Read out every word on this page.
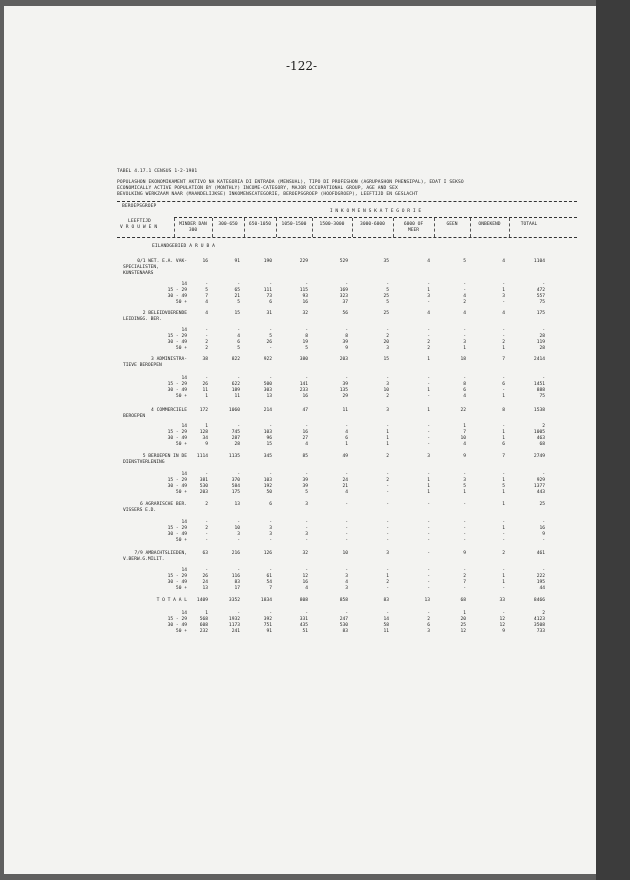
-122-
TABEL 4.17.1 CENSUS 1-2-1981
POPULASHON EKONOMIKAMENT AKTIVO NA KATEGORIA DI ENTRADA (MENSUAL), TIPO DI PROFESHON (AGRUPASHON PHENSIPAL), EDAT I SEKSO
ECONOMICALLY ACTIVE POPULATION BY (MONTHLY) INCOME-CATEGORY, MAJOR OCCUPATIONAL GROUP, AGE AND SEX
BEVOLKING WERKZAAM NAAR (MAANDELIJKSE) INKOMENSCATEGORIE, BEROEPSGROEP (HOOFDGROEP), LEEFTIJD EN GESLACHT
BEROEPSGROEP
LEEFTIJD
V R O U W E N
I N K O M E N S K A T E G O R I E
MINDER DAN
300
300-650	650-1050	1050-1500	1500-3000	3000-6000	6000 OF
MEER
GEEN	ONBEKEND	TOTAAL
EILANDGEBIED A R U B A
0/1 WET. E.A. VAK-	16	91	190	229	529	35	4	5	4	1104
SPECIALISTEN,
KUNSTENAARS
14	-	-	-	-	-	-	-	-	-	-
15 - 29	5	65	111	115	169	5	1	-	1	472
30 - 49	7	21	73	93	323	25	3	4	3	557
50 +	4	5	6	16	37	5	-	2	-	75
2 BELEIDVOERENDE	4	15	31	32	56	25	4	4	4	175
LEIDINGG. BER.
14	-	-	-	-	-	-	-	-	-	-
15 - 29	-	4	5	8	8	2	-	-	-	28
30 - 49	2	6	26	19	39	20	2	3	2	119
50 +	2	5	-	5	9	3	2	1	1	28
3 ADMINISTRA-	38	822	922	380	203	15	1	18	7	2414
TIEVE BEROEPEN
14	-	-	-	-	-	-	-	-	-	-
15 - 29	26	622	500	141	39	3	-	8	6	1451
30 - 49	11	189	303	233	135	10	1	6	-	888
50 +	1	11	13	16	29	2	-	4	1	75
4 COMMERCIELE	172	1060	214	47	11	3	1	22	8	1538
BEROEPEN
14	1	-	-	-	-	-	-	1	-	2
15 - 29	128	745	103	16	4	1	-	7	1	1005
30 - 49	34	287	96	27	6	1	-	10	1	463
50 +	9	28	15	4	1	1	-	4	6	68
5 BEROEPEN IN DE	1114	1135	345	85	49	2	3	9	7	2749
DIENSTVERLENING
14	-	-	-	-	-	-	-	-	-	-
15 - 29	381	370	103	39	24	2	1	3	1	929
30 - 49	530	584	192	39	21	-	1	5	5	1377
50 +	203	175	50	5	4	-	1	1	1	443
6 AGRARISCHE BER.	2	13	6	3	-	-	-	-	1	25
VISSERS E.D.
14	-	-	-	-	-	-	-	-	-	-
15 - 29	2	10	3	-	-	-	-	-	1	16
30 - 49	-	3	3	3	-	-	-	-	-	9
50 +	-	-	-	-	-	-	-	-	-	-
7/9 AMBACHTSLIEDEN,	63	216	126	32	10	3	-	9	2	461
V.BERW.G.MILIT.
14	-	-	-	-	-	-	-	-	-	-
15 - 29	26	116	61	12	3	1	-	2	1	222
30 - 49	24	83	54	16	4	2	-	7	1	195
50 +	13	17	7	4	3	-	-	-	-	44
T O T A A L	1409	3352	1834	808	858	83	13	68	33	8466
14	1	-	-	-	-	-	-	1	-	2
15 - 29	568	1932	392	331	247	14	2	20	12	4123
30 - 49	608	1173	751	435	530	58	6	25	12	3508
50 +	232	241	91	51	83	11	3	12	9	733
